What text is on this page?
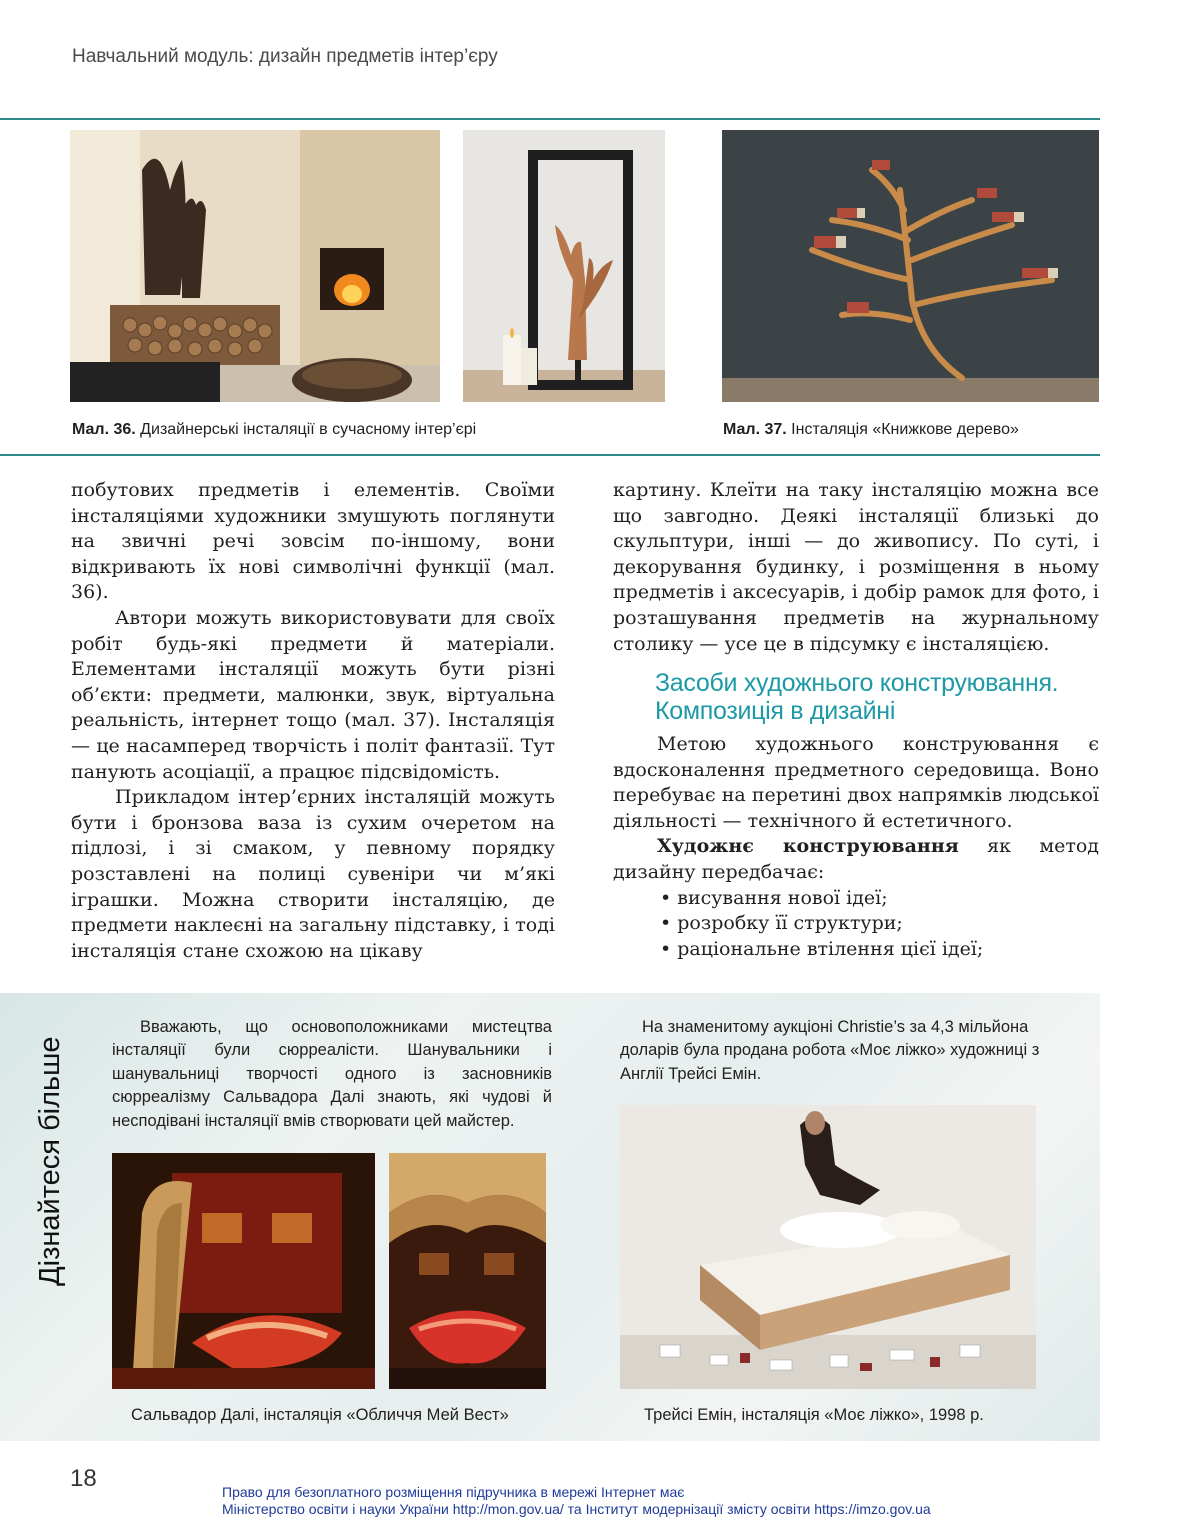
Навчальний модуль: дизайн предметів інтер’єру
Мал. 36. Дизайнерські інсталяції в сучасному інтер’єрі	Мал. 37. Інсталяція «Книжкове дерево»

побутових предметів і елементів. Своїми інсталяціями художники змушують поглянути на звичні речі зовсім по-іншому, вони відкривають їх нові символічні функції (мал. 36).

Автори можуть використовувати для своїх робіт будь-які предмети й матеріали. Елементами інсталяції можуть бути різні об’єкти: предмети, малюнки, звук, віртуальна реальність, інтернет тощо (мал. 37). Інсталяція — це насамперед творчість і політ фантазії. Тут панують асоціації, а працює підсвідомість.

Прикладом інтер’єрних інсталяцій можуть бути і бронзова ваза із сухим очеретом на підлозі, і зі смаком, у певному порядку розставлені на полиці сувеніри чи м’які іграшки. Можна створити інсталяцію, де предмети наклеєні на загальну підставку, і тоді інсталяція стане схожою на цікаву

картину. Клеїти на таку інсталяцію можна все що завгодно. Деякі інсталяції близькі до скульптури, інші — до живопису. По суті, і декорування будинку, і розміщення в ньому предметів і аксесуарів, і добір рамок для фото, і розташування предметів на журнальному столику — усе це в підсумку є інсталяцією.

Засоби художнього конструювання.
Композиція в дизайні

Метою художнього конструювання є вдосконалення предметного середовища. Воно перебуває на перетині двох напрямків людської діяльності — технічного й естетичного.

Художнє конструювання як метод дизайну передбачає:

• висування нової ідеї;
• розробку її структури;
• раціональне втілення цієї ідеї;
Дізнайтеся більше

Вважають, що основоположниками мистецтва інсталяції були сюрреалісти. Шанувальники і шанувальниці творчості одного із засновників сюрреалізму Сальвадора Далі знають, які чудові й несподівані інсталяції вмів створювати цей майстер.

На знаменитому аукціоні Christie’s за 4,3 мільйона доларів була продана робота «Моє ліжко» художниці з Англії Трейсі Емін.

Сальвадор Далі, інсталяція «Обличчя Мей Вест»	Трейсі Емін, інсталяція «Моє ліжко», 1998 р.
18	Право для безоплатного розміщення підручника в мережі Інтернет має
Міністерство освіти і науки України http://mon.gov.ua/ та Інститут модернізації змісту освіти https://imzo.gov.ua
